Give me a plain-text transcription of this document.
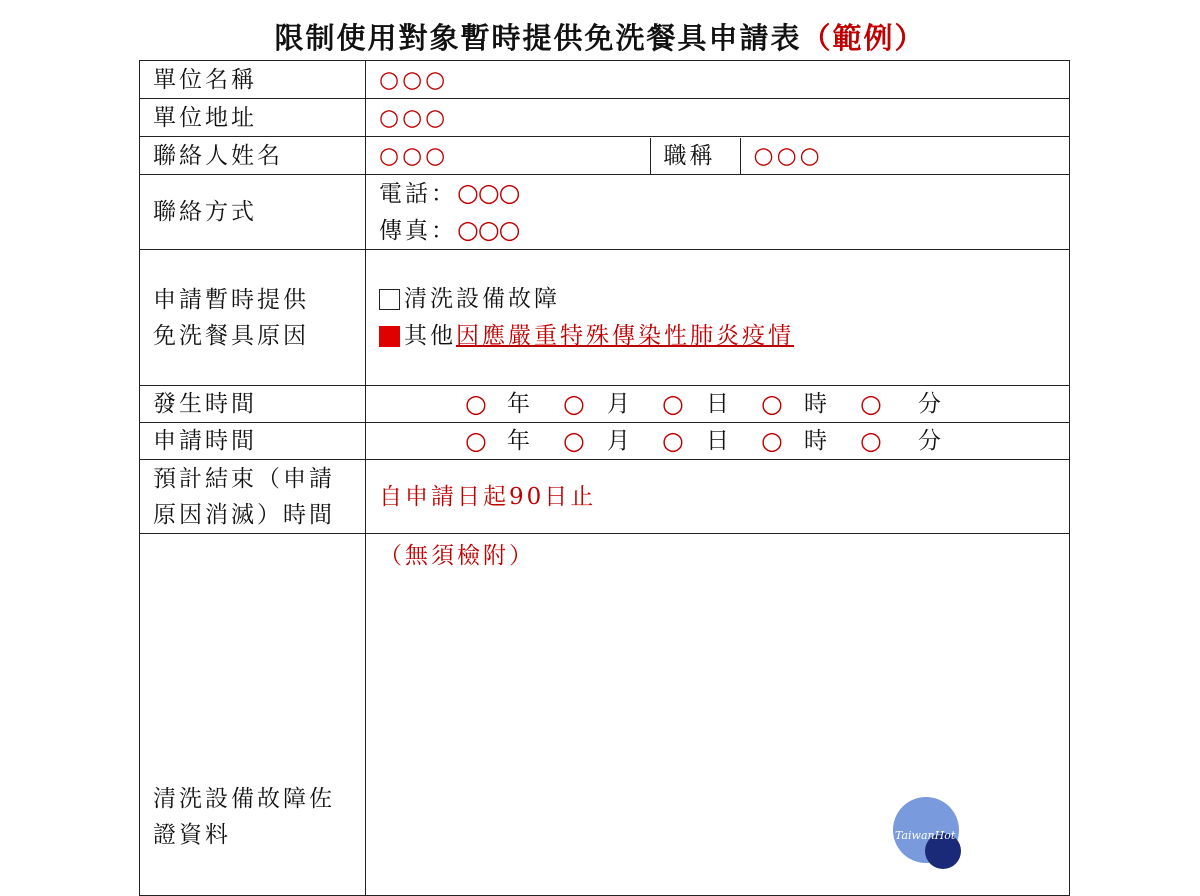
限制使用對象暫時提供免洗餐具申請表（範例）
單位名稱	○○○
單位地址	○○○
聯絡人姓名		○○○	職稱	○○○

聯絡方式	
電話：○○○
傳真：○○○

申請暫時提供
免洗餐具原因

清洗設備故障
其他 因應嚴重特殊傳染性肺炎疫情

發生時間	○ 年 ○ 月 ○ 日 ○ 時 ○ 分

申請時間	○ 年 ○ 月 ○ 日 ○ 時 ○ 分

預計結束（申請
原因消滅）時間
	自申請日起90日止

清洗設備故障佐
證資料
	（無須檢附）
TaiwanHot
